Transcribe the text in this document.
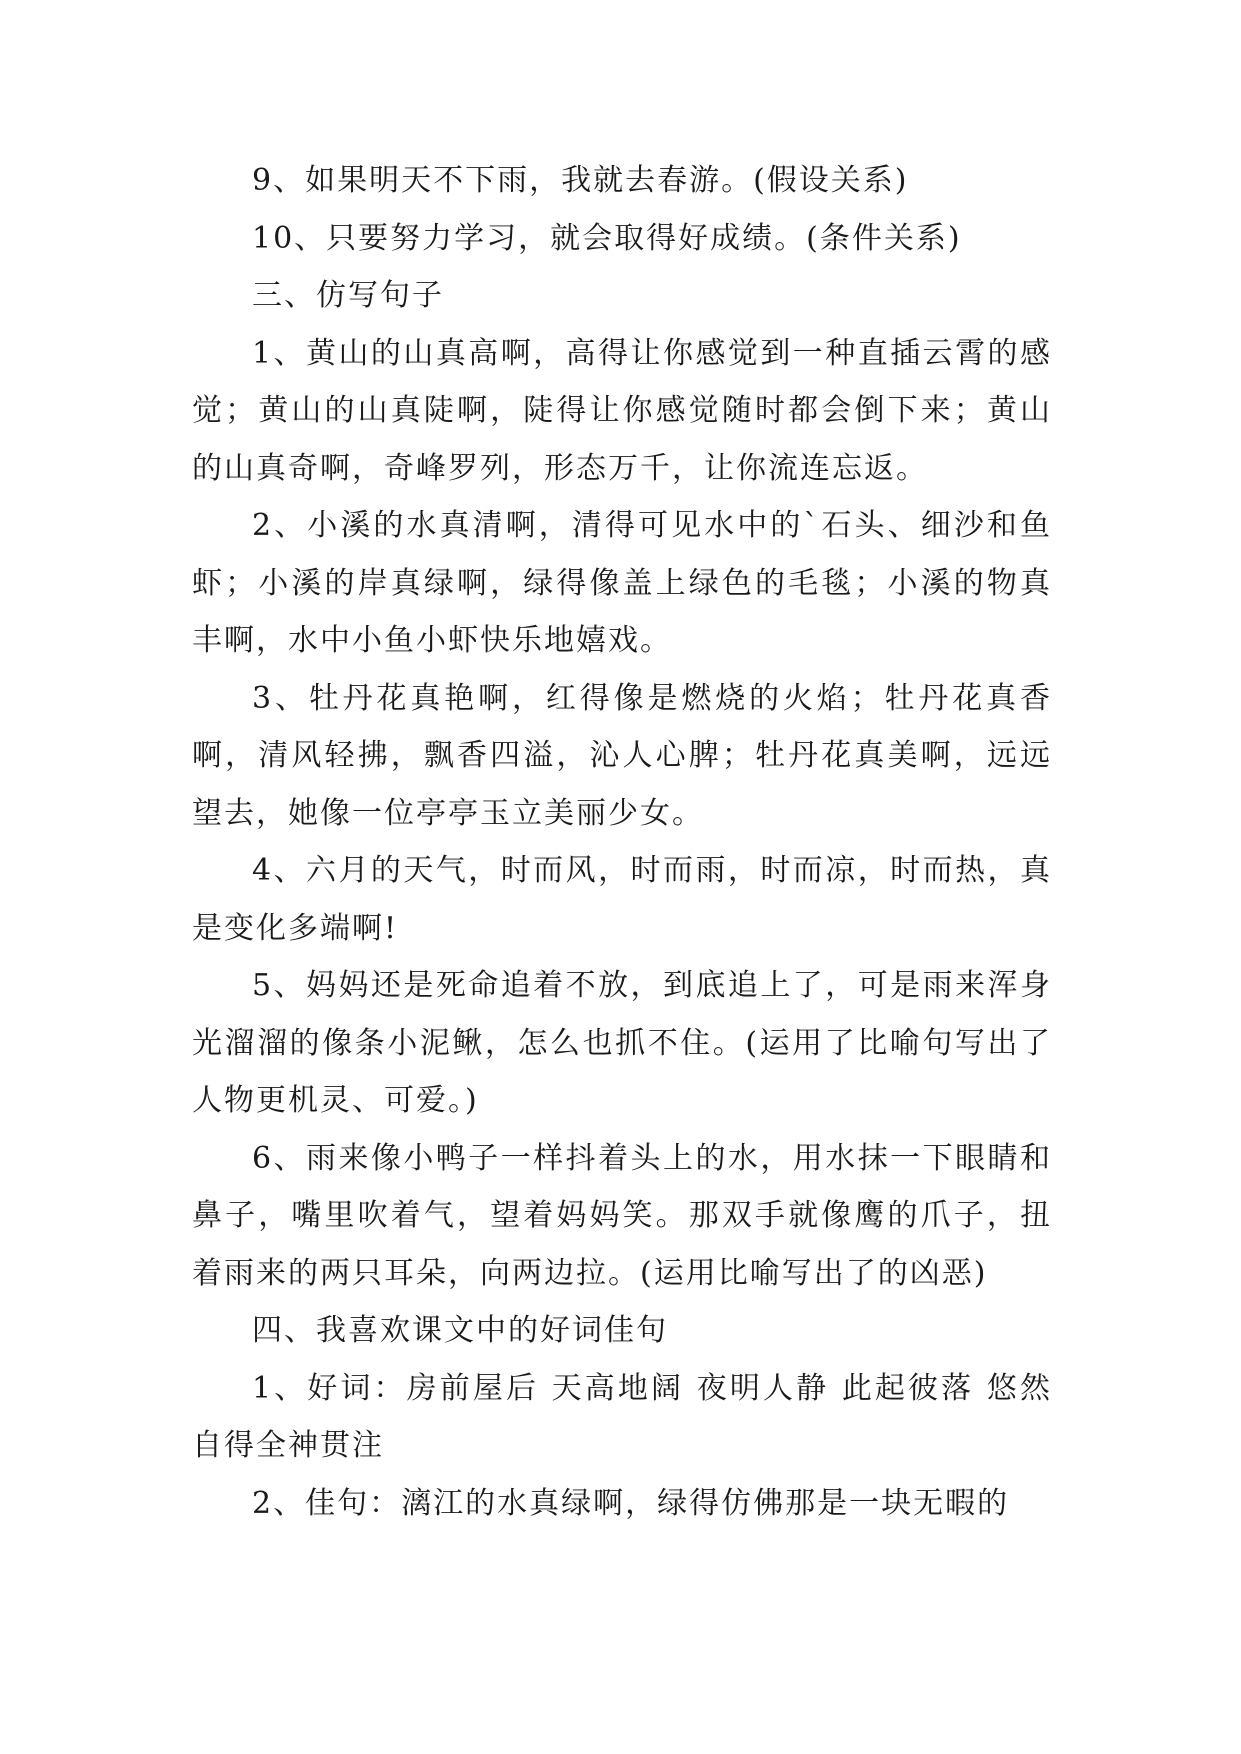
9、如果明天不下雨，我就去春游。(假设关系)

10、只要努力学习，就会取得好成绩。(条件关系)

三、仿写句子

1、黄山的山真高啊，高得让你感觉到一种直插云霄的感觉；黄山的山真陡啊，陡得让你感觉随时都会倒下来；黄山的山真奇啊，奇峰罗列，形态万千，让你流连忘返。

2、小溪的水真清啊，清得可见水中的`石头、细沙和鱼虾；小溪的岸真绿啊，绿得像盖上绿色的毛毯；小溪的物真丰啊，水中小鱼小虾快乐地嬉戏。

3、牡丹花真艳啊，红得像是燃烧的火焰；牡丹花真香啊，清风轻拂，飘香四溢，沁人心脾；牡丹花真美啊，远远望去，她像一位亭亭玉立美丽少女。

4、六月的天气，时而风，时而雨，时而凉，时而热，真是变化多端啊!

5、妈妈还是死命追着不放，到底追上了，可是雨来浑身光溜溜的像条小泥鳅，怎么也抓不住。(运用了比喻句写出了人物更机灵、可爱。)

6、雨来像小鸭子一样抖着头上的水，用水抹一下眼睛和鼻子，嘴里吹着气，望着妈妈笑。那双手就像鹰的爪子，扭着雨来的两只耳朵，向两边拉。(运用比喻写出了的凶恶)

四、我喜欢课文中的好词佳句

1、好词：房前屋后 天高地阔 夜明人静 此起彼落 悠然自得全神贯注

2、佳句：漓江的水真绿啊，绿得仿佛那是一块无暇的
